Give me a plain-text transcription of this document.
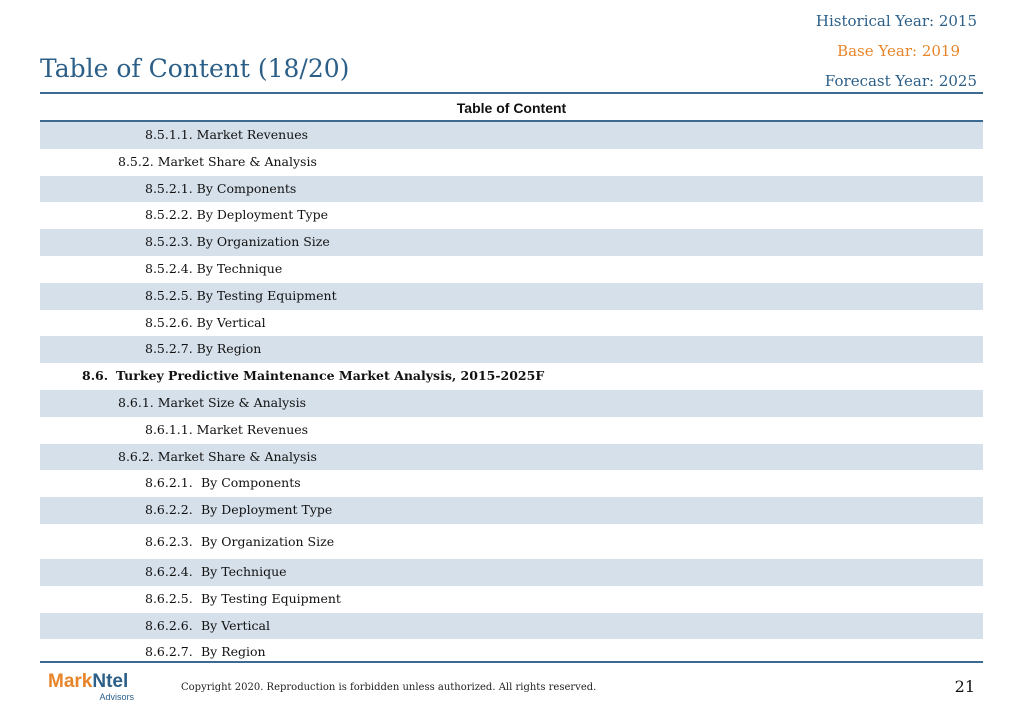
Historical Year: 2015
Base Year: 2019
Forecast Year: 2025
Table of Content (18/20)
Table of Content
8.5.1.1. Market Revenues
8.5.2. Market Share & Analysis
8.5.2.1. By Components
8.5.2.2. By Deployment Type
8.5.2.3. By Organization Size
8.5.2.4. By Technique
8.5.2.5. By Testing Equipment
8.5.2.6. By Vertical
8.5.2.7. By Region
8.6. Turkey Predictive Maintenance Market Analysis, 2015-2025F
8.6.1. Market Size & Analysis
8.6.1.1. Market Revenues
8.6.2. Market Share & Analysis
8.6.2.1. By Components
8.6.2.2. By Deployment Type
8.6.2.3. By Organization Size
8.6.2.4. By Technique
8.6.2.5. By Testing Equipment
8.6.2.6. By Vertical
8.6.2.7. By Region
MarkNtel
Advisors
Copyright 2020. Reproduction is forbidden unless authorized. All rights reserved.	21
